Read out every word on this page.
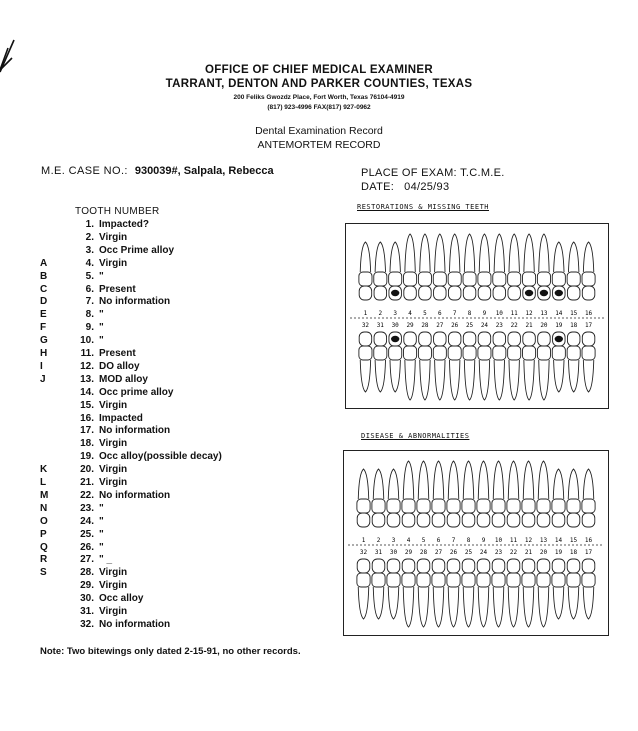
OFFICE OF CHIEF MEDICAL EXAMINER
TARRANT, DENTON AND PARKER COUNTIES, TEXAS
200 Feliks Gwozdz Place, Fort Worth, Texas 76104-4919
(817) 923-4996 FAX(817) 927-0962
Dental Examination Record
ANTEMORTEM RECORD
M.E. CASE NO.: 930039#, Salpala, Rebecca	PLACE OF EXAM: T.C.M.E.
DATE: 04/25/93
TOOTH NUMBER
1. Impacted?
2. Virgin
3. Occ Prime alloy
A	4. Virgin
B	5. "
C	6. Present
D	7. No information
E	8. "
F	9. "
G	10. "
H	11. Present
I	12. DO alloy
J	13. MOD alloy
14. Occ prime alloy
15. Virgin
16. Impacted
17. No information
18. Virgin
19. Occ alloy(possible decay)
K	20. Virgin
L	21. Virgin
M	22. No information
N	23. "
O	24. "
P	25. "
Q	26. "
R	27. " _
S	28. Virgin
29. Virgin
30. Occ alloy
31. Virgin
32. No information
RESTORATIONS & MISSING TEETH
1 2 3 4 5 6 7 8 9 10 11 12 13 14 15 16
32 31 30 29 28 27 26 25 24 23 22 21 20 19 18 17
DISEASE & ABNORMALITIES
1 2 3 4 5 6 7 8 9 10 11 12 13 14 15 16
32 31 30 29 28 27 26 25 24 23 22 21 20 19 18 17
Note: Two bitewings only dated 2-15-91, no other records.
